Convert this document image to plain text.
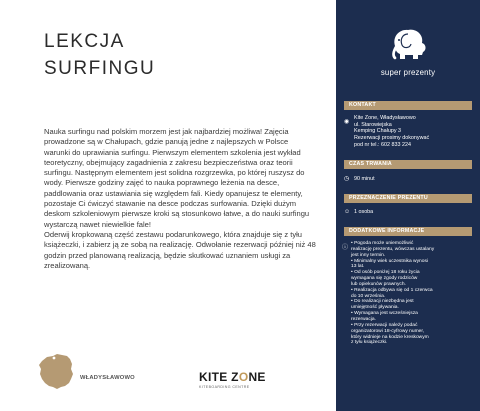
LEKCJA
SURFINGU

Nauka surfingu nad polskim morzem jest jak najbardziej możliwa! Zajęcia prowadzone są w Chałupach, gdzie panują jedne z najlepszych w Polsce warunki do uprawiania surfingu. Pierwszym elementem szkolenia jest wykład teoretyczny, obejmujący zagadnienia z zakresu bezpieczeństwa oraz teorii surfingu. Następnym elementem jest solidna rozgrzewka, po której ruszysz do wody. Pierwsze godziny zajęć to nauka poprawnego leżenia na desce, paddlowania oraz ustawiania się względem fali. Kiedy opanujesz te elementy, pozostaje Ci ćwiczyć stawanie na desce podczas surfowania. Dzięki dużym deskom szkoleniowym pierwsze kroki są stosunkowo łatwe, a do nauki surfingu wystarczą nawet niewielkie fale!

Oderwij kropkowaną część zestawu podarunkowego, która znajduje się z tyłu książeczki, i zabierz ją ze sobą na realizację. Odwołanie rezerwacji później niż 48 godzin przed planowaną realizacją, będzie skutkować uznaniem usługi za zrealizowaną.

WŁADYSŁAWOWO	KITE ZONE
KITEBOARDING CENTRE
super prezenty
KONTAKT
◉
Kite Zone, Władysławowo
ul. Starowiejska
Kemping Chałupy 3
Rezerwacji prosimy dokonywać
pod nr tel.: 602 833 224
CZAS TRWANIA
◷ 90 minut
PRZEZNACZENIE PREZENTU
☺ 1 osoba
DODATKOWE INFORMACJE
ⓘ
• Pogoda może uniemożliwić
realizację prezentu, wówczas ustalany
jest inny termin.
• Minimalny wiek uczestnika wynosi
13 lat.
• Od osób poniżej 18 roku życia
wymagana się zgody rodziców
lub opiekunów prawnych.
• Realizacja odbywa się od 1 czerwca
do 10 września.
• Do realizacji niezbędna jest
umiejętność pływania.
• Wymagana jest wcześniejsza
rezerwacja.
• Przy rezerwacji należy podać
organizatorowi 18-cyfrowy numer,
który widnieje na kodzie kreskowym
z tyłu książeczki.
